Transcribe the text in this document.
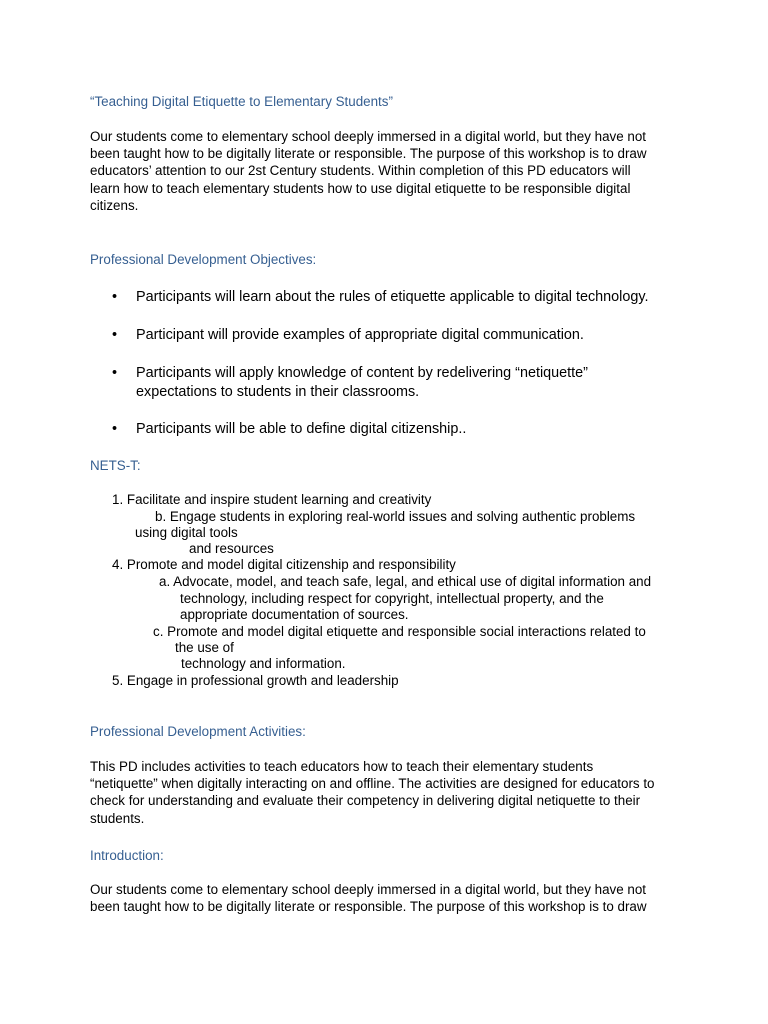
“Teaching Digital Etiquette to Elementary Students”
Our students come to elementary school deeply immersed in a digital world, but they have not
been taught how to be digitally literate or responsible. The purpose of this workshop is to draw
educators’ attention to our 2st Century students. Within completion of this PD educators will
learn how to teach elementary students how to use digital etiquette to be responsible digital
citizens.
Professional Development Objectives:
•	Participants will learn about the rules of etiquette applicable to digital technology.
•	Participant will provide examples of appropriate digital communication.
•	Participants will apply knowledge of content by redelivering “netiquette”
expectations to students in their classrooms.
•	Participants will be able to define digital citizenship..
NETS-T:
1. Facilitate and inspire student learning and creativity
b. Engage students in exploring real-world issues and solving authentic problems
using digital tools
and resources
4. Promote and model digital citizenship and responsibility
a. Advocate, model, and teach safe, legal, and ethical use of digital information and
technology, including respect for copyright, intellectual property, and the
appropriate documentation of sources.
c. Promote and model digital etiquette and responsible social interactions related to
the use of
technology and information.
5. Engage in professional growth and leadership
Professional Development Activities:
This PD includes activities to teach educators how to teach their elementary students
“netiquette” when digitally interacting on and offline. The activities are designed for educators to
check for understanding and evaluate their competency in delivering digital netiquette to their
students.
Introduction:
Our students come to elementary school deeply immersed in a digital world, but they have not
been taught how to be digitally literate or responsible. The purpose of this workshop is to draw
